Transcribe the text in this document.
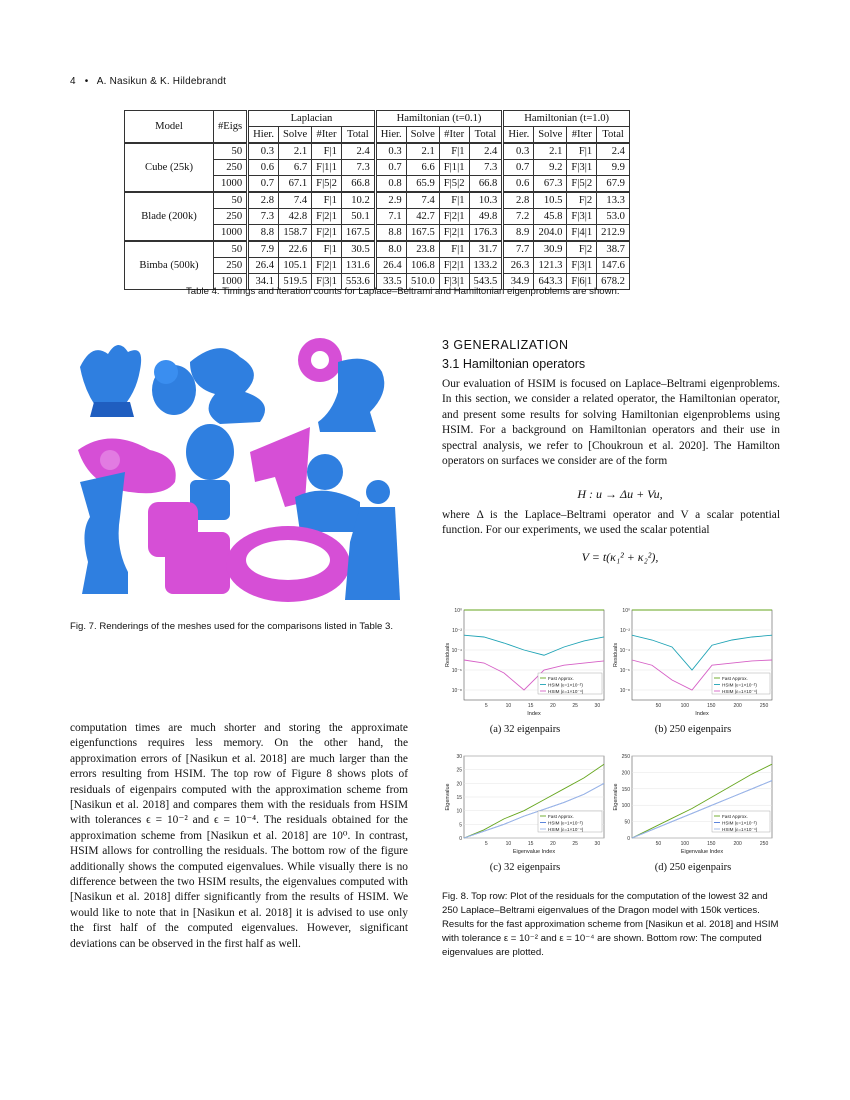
4 • A. Nasikun & K. Hildebrandt
Model	#Eigs	Laplacian				Hamiltonian (t=0.1)				Hamiltonian (t=1.0)			
		Hier.	Solve	#Iter	Total	Hier.	Solve	#Iter	Total	Hier.	Solve	#Iter	Total
Cube (25k)	50	0.3	2.1	F|1	2.4	0.3	2.1	F|1	2.4	0.3	2.1	F|1	2.4
	250	0.6	6.7	F|1|1	7.3	0.7	6.6	F|1|1	7.3	0.7	9.2	F|3|1	9.9
	1000	0.7	67.1	F|5|2	66.8	0.8	65.9	F|5|2	66.8	0.6	67.3	F|5|2	67.9
Blade (200k)	50	2.8	7.4	F|1	10.2	2.9	7.4	F|1	10.3	2.8	10.5	F|2	13.3
	250	7.3	42.8	F|2|1	50.1	7.1	42.7	F|2|1	49.8	7.2	45.8	F|3|1	53.0
	1000	8.8	158.7	F|2|1	167.5	8.8	167.5	F|2|1	176.3	8.9	204.0	F|4|1	212.9
Bimba (500k)	50	7.9	22.6	F|1	30.5	8.0	23.8	F|1	31.7	7.7	30.9	F|2	38.7
	250	26.4	105.1	F|2|1	131.6	26.4	106.8	F|2|1	133.2	26.3	121.3	F|3|1	147.6
	1000	34.1	519.5	F|3|1	553.6	33.5	510.0	F|3|1	543.5	34.9	643.3	F|6|1	678.2
Table 4. Timings and iteration counts for Laplace–Beltrami and Hamiltonian eigenproblems are shown.
Fig. 7. Renderings of the meshes used for the comparisons listed in Table 3.
3 GENERALIZATION
3.1 Hamiltonian operators
Our evaluation of HSIM is focused on Laplace–Beltrami eigenproblems. In this section, we consider a related operator, the Hamiltonian operator, and present some results for solving Hamiltonian eigenproblems using HSIM. For a background on Hamiltonian operators and their use in spectral analysis, we refer to [Choukroun et al. 2020]. The Hamilton operators on surfaces we consider are of the form
H : u → Δu + Vu,
where Δ is the Laplace–Beltrami operator and V a scalar potential function. For our experiments, we used the scalar potential
V = t(κ₁² + κ₂²),
computation times are much shorter and storing the approximate eigenfunctions requires less memory. On the other hand, the approximation errors of [Nasikun et al. 2018] are much larger than the errors resulting from HSIM. The top row of Figure 8 shows plots of residuals of eigenpairs computed with the approximation scheme from [Nasikun et al. 2018] and compares them with the residuals from HSIM with tolerances ϵ = 10⁻² and ϵ = 10⁻⁴. The residuals obtained for the approximation scheme from [Nasikun et al. 2018] are 10⁰. In contrast, HSIM allows for controlling the residuals. The bottom row of the figure additionally shows the computed eigenvalues. While visually there is no difference between the two HSIM results, the eigenvalues computed with [Nasikun et al. 2018] differ significantly from the results of HSIM. We would like to note that in [Nasikun et al. 2018] it is advised to use only the first half of the computed eigenvalues. However, significant deviations can be observed in the first half as well.
10⁰
10⁻²
10⁻⁴
10⁻⁶
10⁻⁸
5	10	15	20	25	30
Index
Residuals
Fast Approx.
HSIM (ε=1×10⁻²)
HSIM (ε=1×10⁻⁴)
10⁰
10⁻²
10⁻⁴
10⁻⁶
10⁻⁸
50	100	150	200	250
Index
Residuals
Fast Approx.
HSIM (ε=1×10⁻²)
HSIM (ε=1×10⁻⁴)
0
5
10
15
20
25
30
5	10	15	20	25	30
Eigenvalue Index
Eigenvalue
Fast Approx.
HSIM (ε=1×10⁻²)
HSIM (ε=1×10⁻⁴)
0
50
100
150
200
250
50	100	150	200	250
Eigenvalue Index
Eigenvalue
Fast Approx.
HSIM (ε=1×10⁻²)
HSIM (ε=1×10⁻⁴)
(a) 32 eigenpairs	(b) 250 eigenpairs
(c) 32 eigenpairs	(d) 250 eigenpairs
Fig. 8. Top row: Plot of the residuals for the computation of the lowest 32 and 250 Laplace–Beltrami eigenvalues of the Dragon model with 150k vertices. Results for the fast approximation scheme from [Nasikun et al. 2018] and HSIM with tolerance ε = 10⁻² and ε = 10⁻⁴ are shown. Bottom row: The computed eigenvalues are plotted.
